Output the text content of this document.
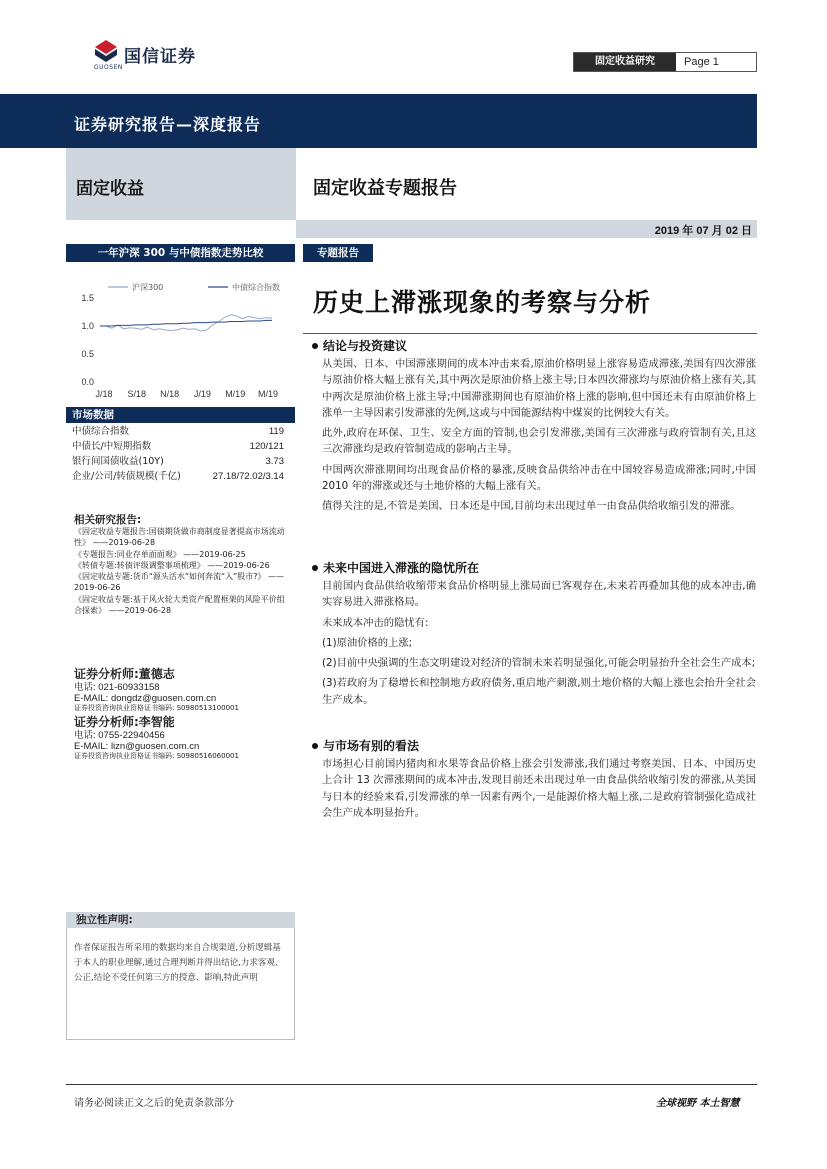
国信证券
GUOSEN
固定收益研究	Page 1
证券研究报告—深度报告
固定收益	固定收益专题报告
2019 年 07 月 02 日
一年沪深 300 与中债指数走势比较
0.0
0.5
1.0
1.5
J/18 S/18 N/18 J/19 M/19 M/19
沪深300	中债综合指数
市场数据
中债综合指数	119
中债长/中短期指数	120/121
银行间国债收益(10Y)	3.73
企业/公司/转债规模(千亿)	27.18/72.02/3.14
相关研究报告:
《固定收益专题报告:国债期货做市商制度显著提高市场流动性》 ——2019-06-28
《专题报告:同业存单面面观》 ——2019-06-25
《转债专题:转债评级调整事项梳理》 ——2019-06-26
《固定收益专题:货币“源头活水”如何奔流“入”股市?》 ——2019-06-26
《固定收益专题:基于风火轮大类资产配置框架的风险平价组合探索》 ——2019-06-28
证券分析师:董德志
电话: 021-60933158
E-MAIL: dongdz@guosen.com.cn
证券投资咨询执业资格证书编码: S0980513100001
证券分析师:李智能
电话: 0755-22940456
E-MAIL: lizn@guosen.com.cn
证券投资咨询执业资格证书编码: S0980516060001
独立性声明:
作者保证报告所采用的数据均来自合规渠道,分析逻辑基于本人的职业理解,通过合理判断并得出结论,力求客观、公正,结论不受任何第三方的授意、影响,特此声明
专题报告
历史上滞涨现象的考察与分析
结论与投资建议
从美国、日本、中国滞涨期间的成本冲击来看,原油价格明显上涨容易造成滞涨,美国有四次滞涨与原油价格大幅上涨有关,其中两次是原油价格上涨主导;日本四次滞涨均与原油价格上涨有关,其中两次是原油价格上涨主导;中国滞涨期间也有原油价格上涨的影响,但中国还未有由原油价格上涨单一主导因素引发滞涨的先例,这或与中国能源结构中煤炭的比例较大有关。
此外,政府在环保、卫生、安全方面的管制,也会引发滞涨,美国有三次滞涨与政府管制有关,且这三次滞涨均是政府管制造成的影响占主导。
中国两次滞涨期间均出现食品价格的暴涨,反映食品供给冲击在中国较容易造成滞涨;同时,中国 2010 年的滞涨或还与土地价格的大幅上涨有关。
值得关注的是,不管是美国、日本还是中国,目前均未出现过单一由食品供给收缩引发的滞涨。
未来中国进入滞涨的隐忧所在
目前国内食品供给收缩带来食品价格明显上涨局面已客观存在,未来若再叠加其他的成本冲击,确实容易进入滞涨格局。
未来成本冲击的隐忧有:
(1)原油价格的上涨;
(2)目前中央强调的生态文明建设对经济的管制未来若明显强化,可能会明显抬升全社会生产成本;
(3)若政府为了稳增长和控制地方政府债务,重启地产刺激,则土地价格的大幅上涨也会抬升全社会生产成本。
与市场有别的看法
市场担心目前国内猪肉和水果等食品价格上涨会引发滞涨,我们通过考察美国、日本、中国历史上合计 13 次滞涨期间的成本冲击,发现目前还未出现过单一由食品供给收缩引发的滞涨,从美国与日本的经验来看,引发滞涨的单一因素有两个,一是能源价格大幅上涨,二是政府管制强化造成社会生产成本明显抬升。
请务必阅读正文之后的免责条款部分	全球视野 本土智慧
